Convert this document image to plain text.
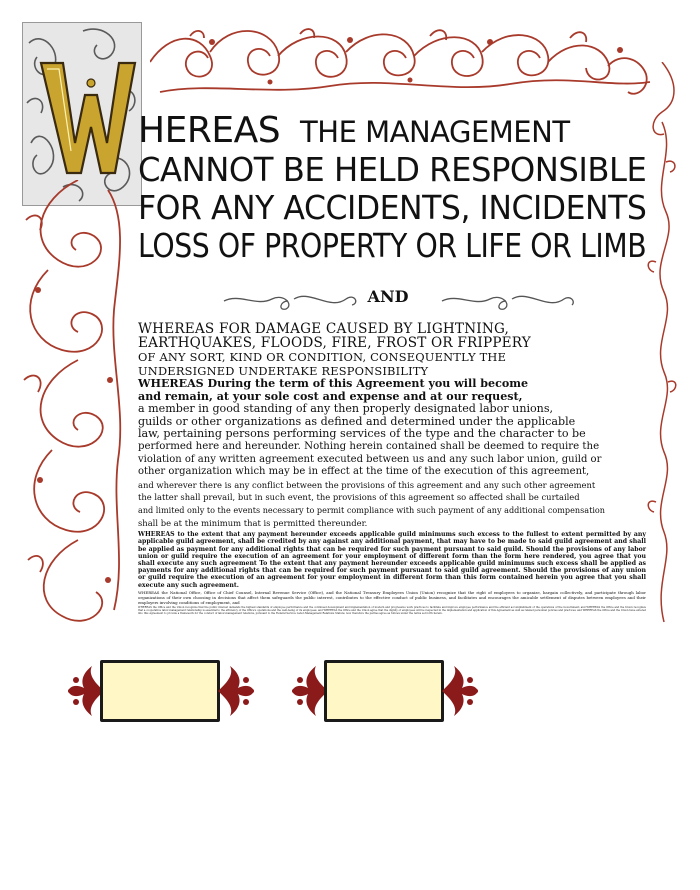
HEREAS THE MANAGEMENT
CANNOT BE HELD RESPONSIBLE
FOR ANY ACCIDENTS, INCIDENTS
LOSS OF PROPERTY OR LIFE OR LIMB
AND

WHEREAS FOR DAMAGE CAUSED BY LIGHTNING,
EARTHQUAKES, FLOODS, FIRE, FROST OR FRIPPERY
OF ANY SORT, KIND OR CONDITION, CONSEQUENTLY THE
UNDERSIGNED UNDERTAKE RESPONSIBILITY

WHEREAS During the term of this Agreement you will become
and remain, at your sole cost and expense and at our request,
a member in good standing of any then properly designated labor unions,
guilds or other organizations as defined and determined under the applicable
law, pertaining persons performing services of the type and the character to be
performed here and hereunder. Nothing herein contained shall be deemed to require the
violation of any written agreement executed between us and any such labor union, guild or
other organization which may be in effect at the time of the execution of this agreement,
and wherever there is any conflict between the provisions of this agreement and any such other agreement
the latter shall prevail, but in such event, the provisions of this agreement so affected shall be curtailed
and limited only to the events necessary to permit compliance with such payment of any additional compensation
shall be at the minimum that is permitted thereunder.

WHEREAS to the extent that any payment hereunder exceeds applicable guild minimums such excess to the fullest to extent permitted by any applicable guild agreement, shall be credited by any against any additional payment, that may have to be made to said guild agreement and shall be applied as payment for any additional rights that can be required for such payment pursuant to said guild. Should the provisions of any labor union or guild require the execution of an agreement for your employment of different form than the form here rendered, you agree that you shall execute any such agreement To the extent that any payment hereunder exceeds applicable guild minimums such excess shall be applied as payments for any additional rights that can be required for such payment pursuant to said guild agreement. Should the provisions of any union or guild require the execution of an agreement for your employment in different form than this form contained herein you agree that you shall execute any such agreement.

WHEREAS the National Office, Office of Chief Counsel, Internal Revenue Service (Office), and the National Treasury Employees Union (Union) recognize that the right of employees to organize, bargain collectively, and participate through labor organizations of their own choosing in decisions that affect them safeguards the public interest, contributes to the effective conduct of public business, and facilitates and encourages the amicable settlement of disputes between employees and their employers involving conditions of employment, and

WHEREAS the Office and the Union recognize that the public interest demands the highest standards of employee performance and the continued development and implementation of modern and progressive work practices to facilitate and improve employee performance and the efficient accomplishment of the operations of the Government; and WHEREAS the Office and the Union recognize that a cooperative labor-management relationship is essential to the efficiency of the Office's operations and the well-being of its employees; and WHEREAS the Office and the Union agree that the dignity of employees will be respected in the implementation and application of this Agreement as well as related personnel policies and practices; and WHEREAS the Office and the Union have entered into this Agreement to provide a framework for the conduct of labor-management relations, pursuant to the Federal Service Labor-Management Relations Statute; now therefore the parties agree as follows under the terms set forth herein.
